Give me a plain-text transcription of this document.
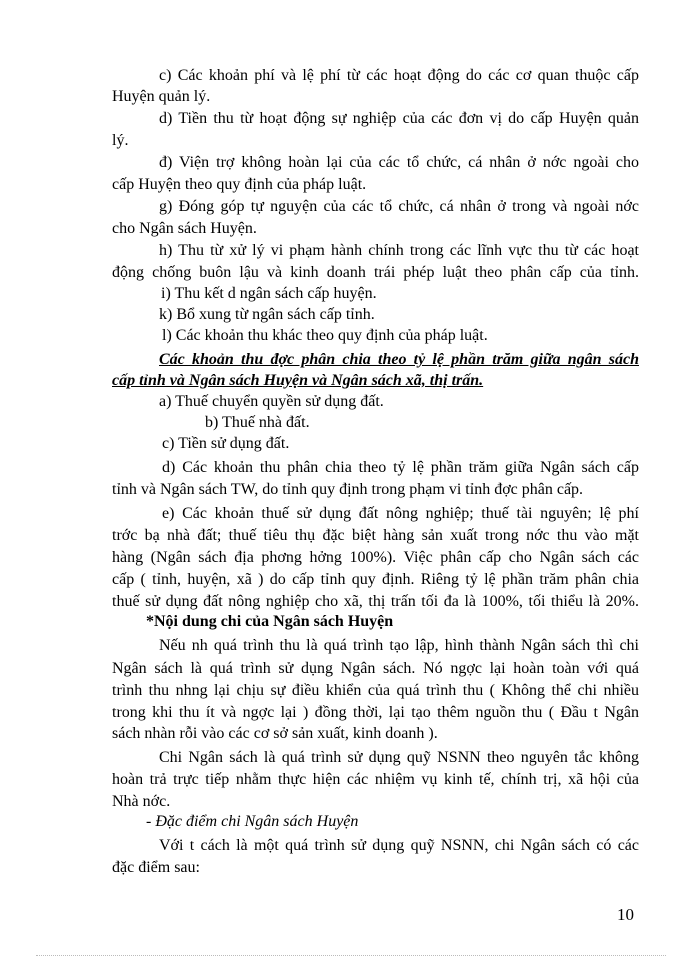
c) Các khoản phí và lệ phí từ các hoạt động do các cơ quan thuộc cấp
Huyện quản lý.
d) Tiền thu từ hoạt động sự nghiệp của các đơn vị do cấp Huyện quản
lý.
đ) Viện trợ không hoàn lại của các tổ chức, cá nhân ở nớc ngoài cho
cấp Huyện theo quy định của pháp luật.
g) Đóng góp tự nguyện của các tổ chức, cá nhân ở trong và ngoài nớc
cho Ngân sách Huyện.
h) Thu từ xử lý vi phạm hành chính trong các lĩnh vực thu từ các hoạt
động chống buôn lậu và kinh doanh trái phép luật theo phân cấp của tỉnh.
i) Thu kết d ngân sách cấp huyện.
k) Bổ xung từ ngân sách cấp tỉnh.
l) Các khoản thu khác theo quy định của pháp luật.
Các khoản thu đợc phân chia theo tỷ lệ phần trăm giữa ngân sách
cấp tỉnh và Ngân sách Huyện và Ngân sách xã, thị trấn.
a) Thuế chuyển quyền sử dụng đất.
b) Thuế nhà đất.
c) Tiền sử dụng đất.
d) Các khoản thu phân chia theo tỷ lệ phần trăm giữa Ngân sách cấp
tỉnh và Ngân sách TW, do tỉnh quy định trong phạm vi tỉnh đợc phân cấp.
e) Các khoản thuế sử dụng đất nông nghiệp; thuế tài nguyên; lệ phí
trớc bạ nhà đất; thuế tiêu thụ đặc biệt hàng sản xuất trong nớc thu vào mặt
hàng (Ngân sách địa phơng hởng 100%). Việc phân cấp cho Ngân sách các
cấp ( tỉnh, huyện, xã ) do cấp tỉnh quy định. Riêng tỷ lệ phần trăm phân chia
thuế sử dụng đất nông nghiệp cho xã, thị trấn tối đa là 100%, tối thiểu là 20%.
*Nội dung chi của Ngân sách Huyện
Nếu nh quá trình thu là quá trình tạo lập, hình thành Ngân sách thì chi
Ngân sách là quá trình sử dụng Ngân sách. Nó ngợc lại hoàn toàn với quá
trình thu nhng lại chịu sự điều khiển của quá trình thu ( Không thể chi nhiều
trong khi thu ít và ngợc lại ) đồng thời, lại tạo thêm nguồn thu ( Đầu t Ngân
sách nhàn rỗi vào các cơ sở sản xuất, kinh doanh ).
Chi Ngân sách là quá trình sử dụng quỹ NSNN theo nguyên tắc không
hoàn trả trực tiếp nhằm thực hiện các nhiệm vụ kinh tế, chính trị, xã hội của
Nhà nớc.
- Đặc điểm chi Ngân sách Huyện
Với t cách là một quá trình sử dụng quỹ NSNN, chi Ngân sách có các
đặc điểm sau:
10
